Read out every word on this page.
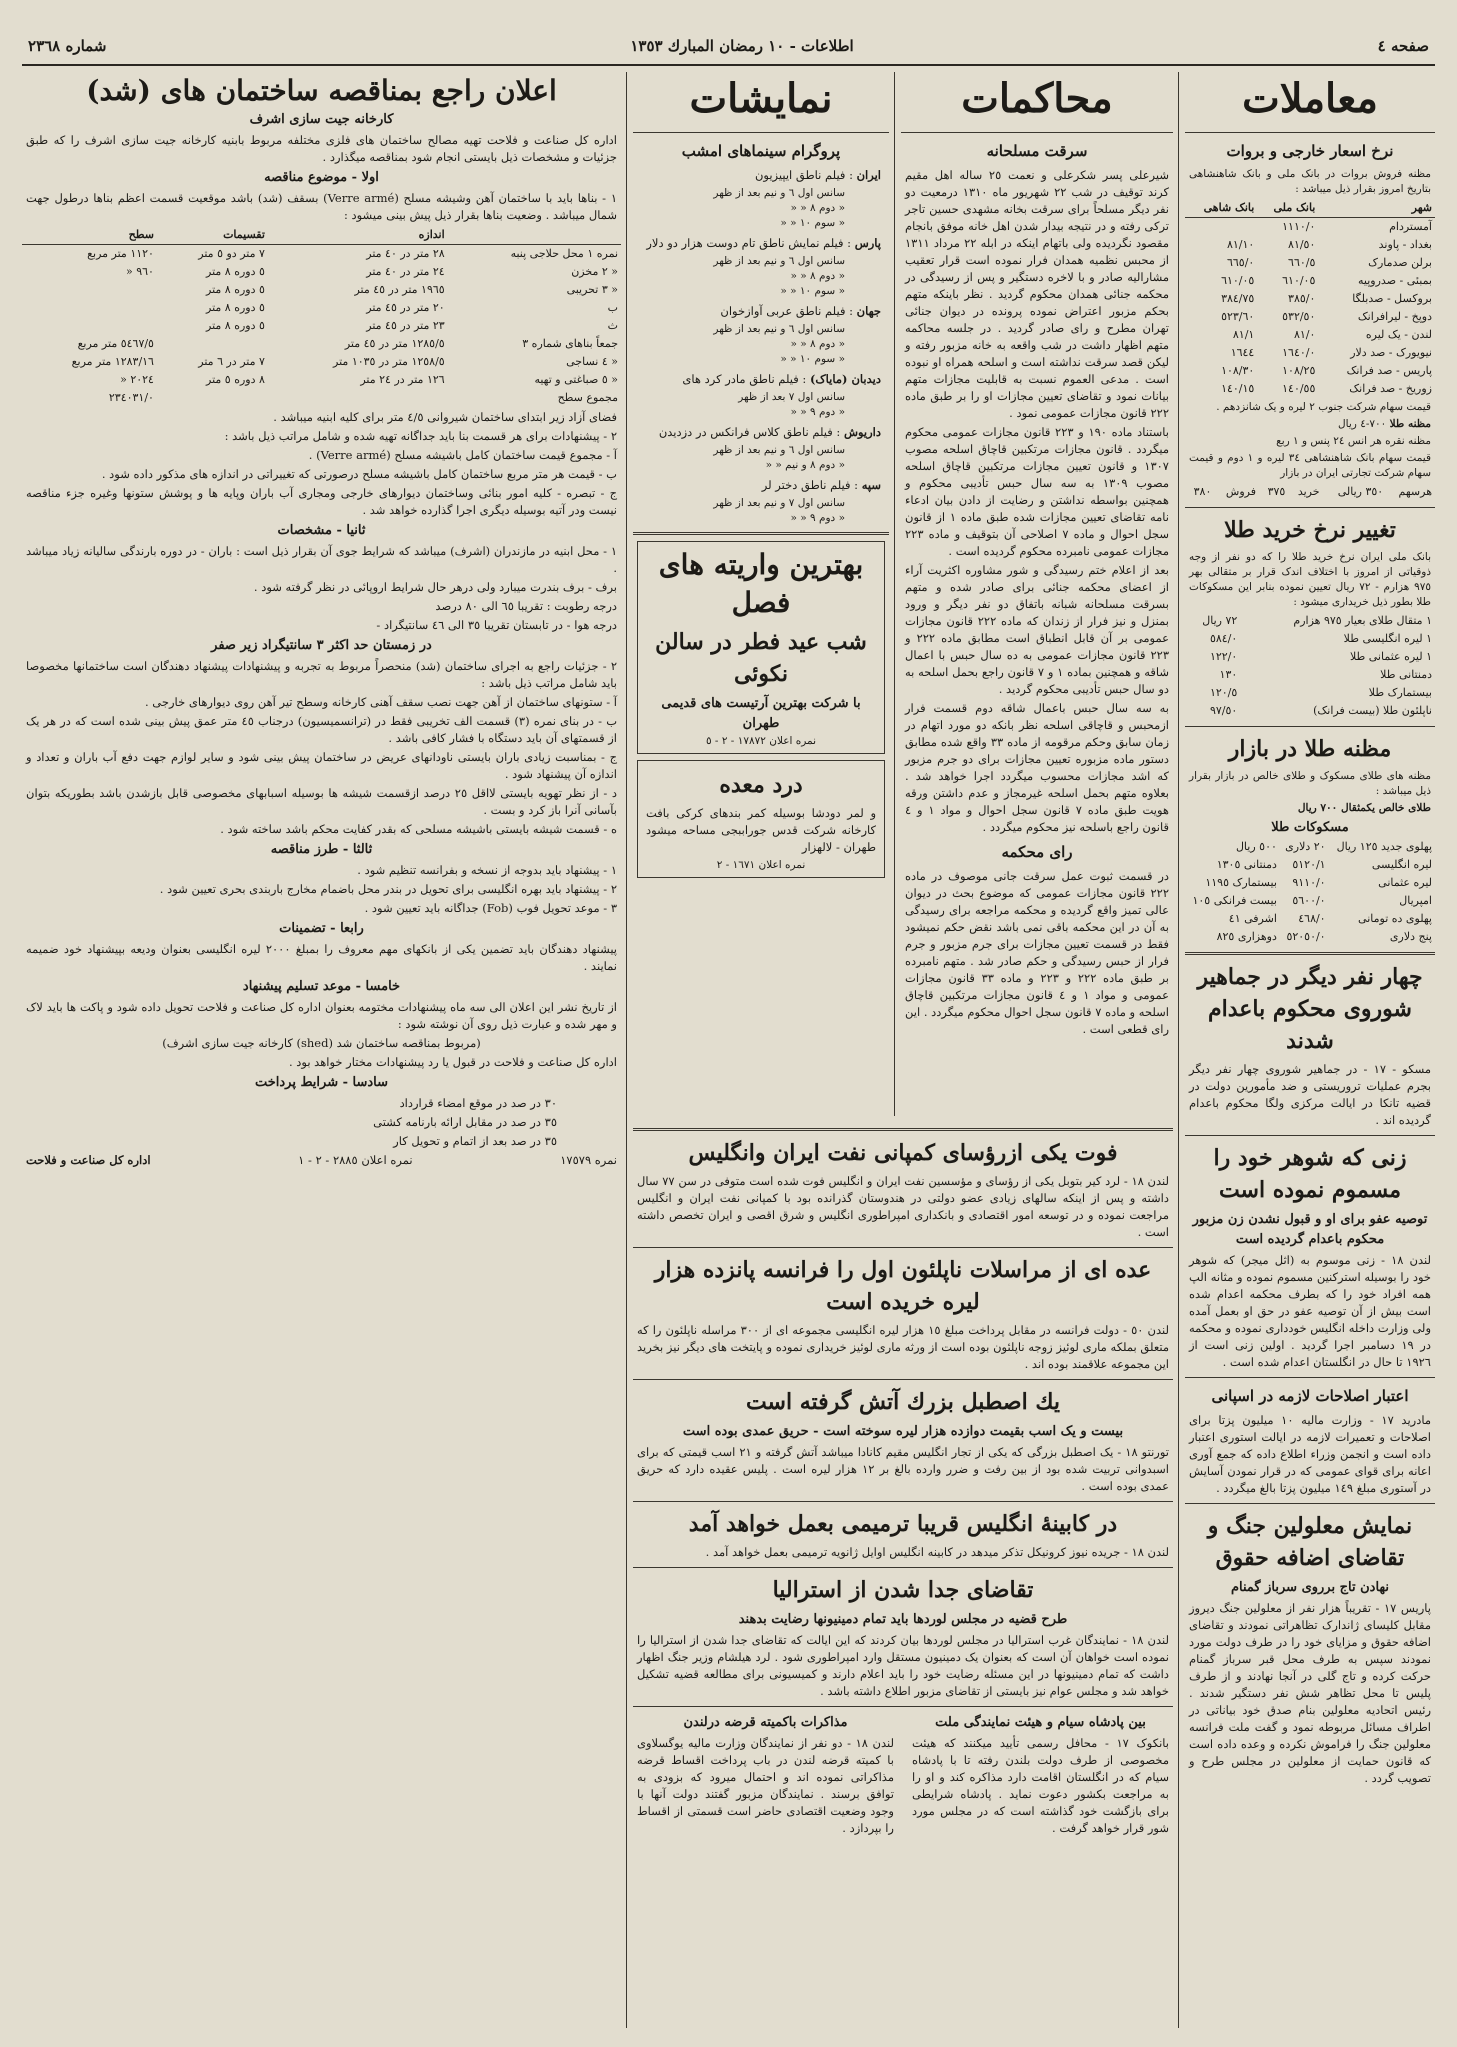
صفحه ٤
اطلاعات - ١٠ رمضان المبارك ١٣٥٣
شماره ٢٣٦٨
معاملات
نرخ اسعار خارجی و بروات
مظنه فروش بروات در بانک ملی و بانک شاهنشاهی بتاریخ امروز بقرار ذیل میباشد :
شهر	بانک ملی	بانک شاهی
آمستردام	١١١٠/٠	
بغداد - پاوند	٨١/٥٠	٨١/١٠
برلن صدمارک	٦٦٠/٥	٦٦٥/٠
بمبئی - صدروپیه	٦١٠/٠٥	٦١٠/٠٥
بروکسل - صدبلگا	٣٨٥/٠	٣٨٤/٧٥
دوپخ - لیرافرانک	٥٣٢/٥٠	٥٢٣/٦٠
لندن - یک لیره	٨١/٠	٨١/١
نیویورک - صد دلار	١٦٤٠/٠	١٦٤٤
پاریس - صد فرانک	١٠٨/٢٥	١٠٨/٣٠
زوریخ - صد فرانک	١٤٠/٥٥	١٤٠/١٥
قیمت سهام شرکت جنوب ٢ لیره و یک شانزدهم .
مظنه طلا ٧٠٠-٤ ریال
مظنه نقره هر انس ٢٤ پنس و ١ ربع
قیمت سهام بانک شاهنشاهی ٣٤ لیره و ١ دوم و قیمت سهام شرکت تجارتی ایران در بازار
هرسهم	٣٥٠ ریالی	خرید	٣٧٥	فروش	٣٨٠
تغییر نرخ خرید طلا
بانک ملی ایران نرخ خرید طلا را که دو نفر از وجه ذوقیاتی از امروز با اختلاف اندک قرار بر متقالی بهر ٩٧٥ هزارم - ٧٢ ریال تعیین نموده بنابر این مسکوکات طلا بطور ذیل خریداری میشود :
١ متقال طلای بعیار ٩٧٥ هزارم	٧٢ ریال
١ لیره انگلیسی طلا	٥٨٤/٠
١ لیره عثمانی طلا	١٢٢/٠
دمنتانی طلا	١٣٠
بیستمارک طلا	١٢٠/٥
ناپلئون طلا (بیست فرانک)	٩٧/٥٠
مظنه طلا در بازار
مظنه های طلای مسکوک و طلای خالص در بازار بقرار ذیل میباشد :
طلای خالص یکمثقال ٧٠٠ ریال
مسکوکات طلا
پهلوی جدید ١٢٥ ریال	٢٠ دلاری	٥٠٠ ریال
لیره انگلیسی	٥١٢٠/١	دمنتانی ١٣٠٥
لیره عثمانی	٩١١٠/٠	بیستمارک ١١٩٥
امپریال	٥٦٠٠/٠	بیست فرانکی ١٠٥
پهلوی ده تومانی	٤٦٨/٠	اشرفی ٤١
پنج دلاری	٥٢٠٥٠/٠	دوهزاری ٨٢٥
چهار نفر دیگر در جماهیر شوروی محکوم باعدام شدند
مسکو - ١٧ - در جماهیر شوروی چهار نفر دیگر بجرم عملیات تروریستی و ضد مأمورین دولت در قضیه تانکا در ایالت مرکزی ولگا محکوم باعدام گردیده اند .
زنی که شوهر خود را مسموم نموده است
توصیه عفو برای او و قبول نشدن زن مزبور محکوم باعدام گردیده است
لندن ١٨ - زنی موسوم به (اثل میجر) که شوهر خود را بوسیله استرکنین مسموم نموده و مثانه الپ همه افراد خود را که بطرف محکمه اعدام شده است بیش از آن توصیه عفو در حق او بعمل آمده ولی وزارت داخله انگلیس خودداری نموده و محکمه در ١٩ دسامبر اجرا گردید . اولین زنی است از ١٩٢٦ تا حال در انگلستان اعدام شده است .
اعتبار اصلاحات لازمه در اسپانی
مادرید ١٧ - وزارت مالیه ١٠ میلیون پزتا برای اصلاحات و تعمیرات لازمه در ایالت استوری اعتبار داده است و انجمن وزراء اطلاع داده که جمع آوری اعانه برای قوای عمومی که در قرار نمودن آسایش در آستوری مبلغ ١٤٩ میلیون پزتا بالغ میگردد .
نمایش معلولین جنگ و تقاضای اضافه حقوق
نهادن تاج برروی سرباز گمنام
پاریس ١٧ - تقریباً هزار نفر از معلولین جنگ دیروز مقابل کلیسای ژاندارک تظاهراتی نمودند و تقاضای اضافه حقوق و مزایای خود را در طرف دولت مورد نمودند سپس به طرف محل قبر سرباز گمنام حرکت کرده و تاج گلی در آنجا نهادند و از طرف پلیس تا محل تظاهر شش نفر دستگیر شدند . رئیس اتحادیه معلولین بنام صدق خود بیاناتی در اطراف مسائل مربوطه نمود و گفت ملت فرانسه معلولین جنگ را فراموش نکرده و وعده داده است که قانون حمایت از معلولین در مجلس طرح و تصویب گردد .
محاکمات
سرقت مسلحانه
شیرعلی پسر شکرعلی و نعمت ٢٥ ساله اهل مقیم کرند توقیف در شب ٢٢ شهریور ماه ١٣١٠ درمعیت دو نفر دیگر مسلحاً برای سرقت بخانه مشهدی حسین تاجر ترکی رفته و در نتیجه بیدار شدن اهل خانه موفق بانجام مقصود نگردیده ولی باتهام اینکه در ابله ٢٢ مرداد ١٣١١ از محبس نظمیه همدان فرار نموده است قرار تعقیب مشارالیه صادر و با لاخره دستگیر و پس از رسیدگی در محکمه جنائی همدان محکوم گردید . نظر باینکه متهم بحکم مزبور اعتراض نموده پرونده در دیوان جنائی تهران مطرح و رای صادر گردید . در جلسه محاکمه متهم اظهار داشت در شب واقعه به خانه مزبور رفته و لیکن قصد سرقت نداشته است و اسلحه همراه او نبوده است . مدعی العموم نسبت به قابلیت مجازات متهم بیانات نمود و تقاضای تعیین مجازات او را بر طبق ماده ٢٢٢ قانون مجازات عمومی نمود .
باستناد ماده ١٩٠ و ٢٢٣ قانون مجازات عمومی محکوم میگردد . قانون مجازات مرتکبین قاچاق اسلحه مصوب ١٣٠٧ و قانون تعیین مجازات مرتکبین قاچاق اسلحه مصوب ١٣٠٩ به سه سال حبس تأدیبی محکوم و همچنین بواسطه نداشتن و رضایت از دادن بیان ادعاء نامه تقاضای تعیین مجازات شده طبق ماده ١ از قانون سجل احوال و ماده ٧ اصلاحی آن بتوقیف و ماده ٢٢٣ مجازات عمومی نامبرده محکوم گردیده است .
بعد از اعلام ختم رسیدگی و شور مشاوره اکثریت آراء از اعضای محکمه جنائی برای صادر شده و متهم بسرقت مسلحانه شبانه باتفاق دو نفر دیگر و ورود بمنزل و نیز فرار از زندان که ماده ٢٢٢ قانون مجازات عمومی بر آن قابل انطباق است مطابق ماده ٢٢٢ و ٢٢٣ قانون مجازات عمومی به ده سال حبس با اعمال شاقه و همچنین بماده ١ و ٧ قانون راجع بحمل اسلحه به دو سال حبس تأدیبی محکوم گردید .
به سه سال حبس باعمال شاقه دوم قسمت فرار ازمحبس و قاچاقی اسلحه نظر بانکه دو مورد اتهام در زمان سابق وحکم مرقومه از ماده ٣٣ واقع شده مطابق دستور ماده مزبوره تعیین مجازات برای دو جرم مزبور که اشد مجازات محسوب میگردد اجرا خواهد شد . بعلاوه متهم بحمل اسلحه غیرمجاز و عدم داشتن ورقه هویت طبق ماده ٧ قانون سجل احوال و مواد ١ و ٤ قانون راجع باسلحه نیز محکوم میگردد .
رای محکمه
در قسمت ثبوت عمل سرقت جانی موصوف در ماده ٢٢٢ قانون مجازات عمومی که موضوع بحث در دیوان عالی تمیز واقع گردیده و محکمه مراجعه برای رسیدگی به آن در این محکمه باقی نمی باشد نقض حکم نمیشود فقط در قسمت تعیین مجازات برای جرم مزبور و جرم فرار از حبس رسیدگی و حکم صادر شد . متهم نامبرده بر طبق ماده ٢٢٢ و ٢٢٣ و ماده ٣٣ قانون مجازات عمومی و مواد ١ و ٤ قانون مجازات مرتکبین قاچاق اسلحه و ماده ٧ قانون سجل احوال محکوم میگردد . این رای قطعی است .
نمایشات
پروگرام سینماهای امشب
ایران : فیلم ناطق ایپیزیون
سانس اول ٦ و نیم بعد از ظهر
« دوم ٨ « «
« سوم ١٠ « «
پارس : فیلم نمایش ناطق تام دوست هزار دو دلار
سانس اول ٦ و نیم بعد از ظهر
« دوم ٨ « «
« سوم ١٠ « «
جهان : فیلم ناطق عربی آوازخوان
سانس اول ٦ و نیم بعد از ظهر
« دوم ٨ « «
« سوم ١٠ « «
دیدبان (مایاک) : فیلم ناطق مادر کرد های
سانس اول ٧ بعد از ظهر
« دوم ٩ « «
داریوش : فیلم ناطق کلاس فرانکس در دزدیدن
سانس اول ٦ و نیم بعد از ظهر
« دوم ٨ و نیم « «
سپه : فیلم ناطق دختر لر
سانس اول ٧ و نیم بعد از ظهر
« دوم ٩ « «
بهترین واریته های فصل
شب عید فطر در سالن نکوئی
با شرکت بهترین آرتیست های قدیمی طهران
نمره اعلان ١٧٨٧٢ - ٢ - ٥
درد معده
و لمر دودشا بوسیله کمر بندهای کرکی بافت کارخانه شرکت قدس جوراببجی مساحه میشود طهران - لالهزار
نمره اعلان ١٦٧١ - ٢
فوت یکی ازرؤسای کمپانی نفت ایران وانگلیس
لندن ١٨ - لرد کیر بتوبل یکی از رؤسای و مؤسسین نفت ایران و انگلیس فوت شده است متوفی در سن ٧٧ سال داشته و پس از اینکه سالهای زیادی عضو دولتی در هندوستان گذرانده بود با کمپانی نفت ایران و انگلیس مراجعت نموده و در توسعه امور اقتصادی و بانکداری امپراطوری انگلیس و شرق اقصی و ایران تخصص داشته است .
عده ای از مراسلات ناپلئون اول را فرانسه پانزده هزار لیره خریده است
لندن ٥٠ - دولت فرانسه در مقابل پرداخت مبلغ ١٥ هزار لیره انگلیسی مجموعه ای از ٣٠٠ مراسله ناپلئون را که متعلق بملکه ماری لوئیز زوجه ناپلئون بوده است از ورثه ماری لوئیز خریداری نموده و پایتخت های دیگر نیز بخرید این مجموعه علاقمند بوده اند .
یك اصطبل بزرك آتش گرفته است
بیست و یک اسب بقیمت دوازده هزار لیره سوخته است - حریق عمدی بوده است
تورنتو ١٨ - یک اصطبل بزرگی که یکی از تجار انگلیس مقیم کانادا میباشد آتش گرفته و ٢١ اسب قیمتی که برای اسبدوانی تربیت شده بود از بین رفت و ضرر وارده بالغ بر ١٢ هزار لیره است . پلیس عقیده دارد که حریق عمدی بوده است .
در کابینهٔ انگلیس قریبا ترمیمی بعمل خواهد آمد
لندن ١٨ - جریده نیوز کرونیکل تذکر میدهد در کابینه انگلیس اوایل ژانویه ترمیمی بعمل خواهد آمد .
تقاضای جدا شدن از استرالیا
طرح قضیه در مجلس لوردها باید تمام دمینیونها رضایت بدهند
لندن ١٨ - نمایندگان غرب استرالیا در مجلس لوردها بیان کردند که این ایالت که تقاضای جدا شدن از استرالیا را نموده است خواهان آن است که بعنوان یک دمینیون مستقل وارد امپراطوری شود . لرد هیلشام وزیر جنگ اظهار داشت که تمام دمینیونها در این مسئله رضایت خود را باید اعلام دارند و کمیسیونی برای مطالعه قضیه تشکیل خواهد شد و مجلس عوام نیز بایستی از تقاضای مزبور اطلاع داشته باشد .
بین پادشاه سیام و هیئت نمایندگی ملت
بانکوک ١٧ - محافل رسمی تأیید میکنند که هیئت مخصوصی از طرف دولت بلندن رفته تا با پادشاه سیام که در انگلستان اقامت دارد مذاکره کند و او را به مراجعت بکشور دعوت نماید . پادشاه شرایطی برای بازگشت خود گذاشته است که در مجلس مورد شور قرار خواهد گرفت .
مذاکرات باکمیته قرضه درلندن
لندن ١٨ - دو نفر از نمایندگان وزارت مالیه یوگسلاوی با کمیته قرضه لندن در باب پرداخت اقساط قرضه مذاکراتی نموده اند و احتمال میرود که بزودی به توافق برسند . نمایندگان مزبور گفتند دولت آنها با وجود وضعیت اقتصادی حاضر است قسمتی از اقساط را بپردازد .
اعلان راجع بمناقصه ساختمان های (شد)
کارخانه جیت سازی اشرف
اداره کل صناعت و فلاحت تهیه مصالح ساختمان های فلزی مختلفه مربوط بابنیه کارخانه جیت سازی اشرف را که طبق جزئیات و مشخصات ذیل بایستی انجام شود بمناقصه میگذارد .
اولا - موضوع مناقصه
١ - بناها باید با ساختمان آهن وشیشه مسلح (Verre armé) بسقف (شد) باشد موقعیت قسمت اعظم بناها درطول جهت شمال میباشد . وضعیت بناها بقرار ذیل پیش بینی میشود :
	اندازه	تقسیمات	سطح
نمره ١ محل حلاجی پنبه	٢٨ متر در ٤٠ متر	٧ متر دو ٥ متر	١١٢٠ متر مربع
« ٢ مخزن	٢٤ متر در ٤٠ متر	٥ دوره ٨ متر	٩٦٠ «
« ٣ تحریبی	١٩٦٥ متر در ٤٥ متر	٥ دوره ٨ متر	
ب	٢٠ متر در ٤٥ متر	٥ دوره ٨ متر	
ث	٢٣ متر در ٤٥ متر	٥ دوره ٨ متر	
جمعاً بناهای شماره ٣	١٢٨٥/٥ متر در ٤٥ متر		٥٤٦٧/٥ متر مربع
« ٤ نساجی	١٢٥٨/٥ متر در ١٠٣٥ متر	٧ متر در ٦ متر	١٢٨٣/١٦ متر مربع
« ٥ صباغتی و تهیه	١٢٦ متر در ٢٤ متر	٨ دوره ٥ متر	٢٠٢٤ «
مجموع سطح			٢٣٤٠٣١/٠
فضای آزاد زیر ابتدای ساختمان شیروانی ٤/٥ متر برای کلیه ابنیه میباشد .
٢ - پیشنهادات برای هر قسمت بنا باید جداگانه تهیه شده و شامل مراتب ذیل باشد :
آ - مجموع قیمت ساختمان کامل باشیشه مسلح (Verre armé) .
ب - قیمت هر متر مربع ساختمان کامل باشیشه مسلح درصورتی که تغییراتی در اندازه های مذکور داده شود .
ج - تبصره - کلیه امور بنائی وساختمان دیوارهای خارجی ومجاری آب باران وپایه ها و پوشش ستونها وغیره جزء مناقصه نیست ودر آتیه بوسیله دیگری اجرا گذارده خواهد شد .
ثانیا - مشخصات
١ - محل ابنیه در مازندران (اشرف) میباشد که شرایط جوی آن بقرار ذیل است : باران - در دوره بارندگی سالیانه زیاد میباشد .
برف - برف بندرت میبارد ولی درهر حال شرایط اروپائی در نظر گرفته شود .
درجه رطوبت : تقریبا ٦٥ الی ٨٠ درصد
درجه هوا - در تابستان تقریبا ٣٥ الی ٤٦ سانتیگراد -
در زمستان حد اکثر ٣ سانتیگراد زیر صفر
٢ - جزئیات راجع به اجرای ساختمان (شد) منحصراً مربوط به تجربه و پیشنهادات پیشنهاد دهندگان است ساختمانها مخصوصا باید شامل مراتب ذیل باشد :
آ - ستونهای ساختمان از آهن جهت نصب سقف آهنی کارخانه وسطح تیر آهن روی دیوارهای خارجی .
ب - در بنای نمره (٣) قسمت الف تخریبی فقط در (ترانسمیسیون) درجناب ٤٥ متر عمق پیش بینی شده است که در هر یک از قسمتهای آن باید دستگاه با فشار کافی باشد .
ج - بمناسبت زیادی باران بایستی ناودانهای عریض در ساختمان پیش بینی شود و سایر لوازم جهت دفع آب باران و تعداد و اندازه آن پیشنهاد شود .
د - از نظر تهویه بایستی لااقل ٢٥ درصد ازقسمت شیشه ها بوسیله اسبابهای مخصوصی قابل بازشدن باشد بطوریکه بتوان بآسانی آنرا باز کرد و بست .
ه - قسمت شیشه بایستی باشیشه مسلحی که بقدر کفایت محکم باشد ساخته شود .
ثالثا - طرز مناقصه
١ - پیشنهاد باید بدوجه از نسخه و بفرانسه تنظیم شود .
٢ - پیشنهاد باید بهره انگلیسی برای تحویل در بندر محل باضمام مخارج باربندی بحری تعیین شود .
٣ - موعد تحویل فوب (Fob) جداگانه باید تعیین شود .
رابعا - تضمینات
پیشنهاد دهندگان باید تضمین یکی از بانکهای مهم معروف را بمبلغ ٢٠٠٠ لیره انگلیسی بعنوان ودیعه بپیشنهاد خود ضمیمه نمایند .
خامسا - موعد تسلیم پیشنهاد
از تاریخ نشر این اعلان الی سه ماه پیشنهادات مختومه بعنوان اداره کل صناعت و فلاحت تحویل داده شود و پاکت ها باید لاک و مهر شده و عبارت ذیل روی آن نوشته شود :
(مربوط بمناقصه ساختمان شد (shed) کارخانه جیت سازی اشرف)
اداره کل صناعت و فلاحت در قبول یا رد پیشنهادات مختار خواهد بود .
سادسا - شرایط پرداخت
٣٠ در صد در موقع امضاء قرارداد
٣٥ در صد در مقابل ارائه بارنامه کشتی
٣٥ در صد بعد از اتمام و تحویل کار
نمره ١٧٥٧٩
نمره اعلان ٢٨٨٥ - ٢ - ١
اداره کل صناعت و فلاحت
